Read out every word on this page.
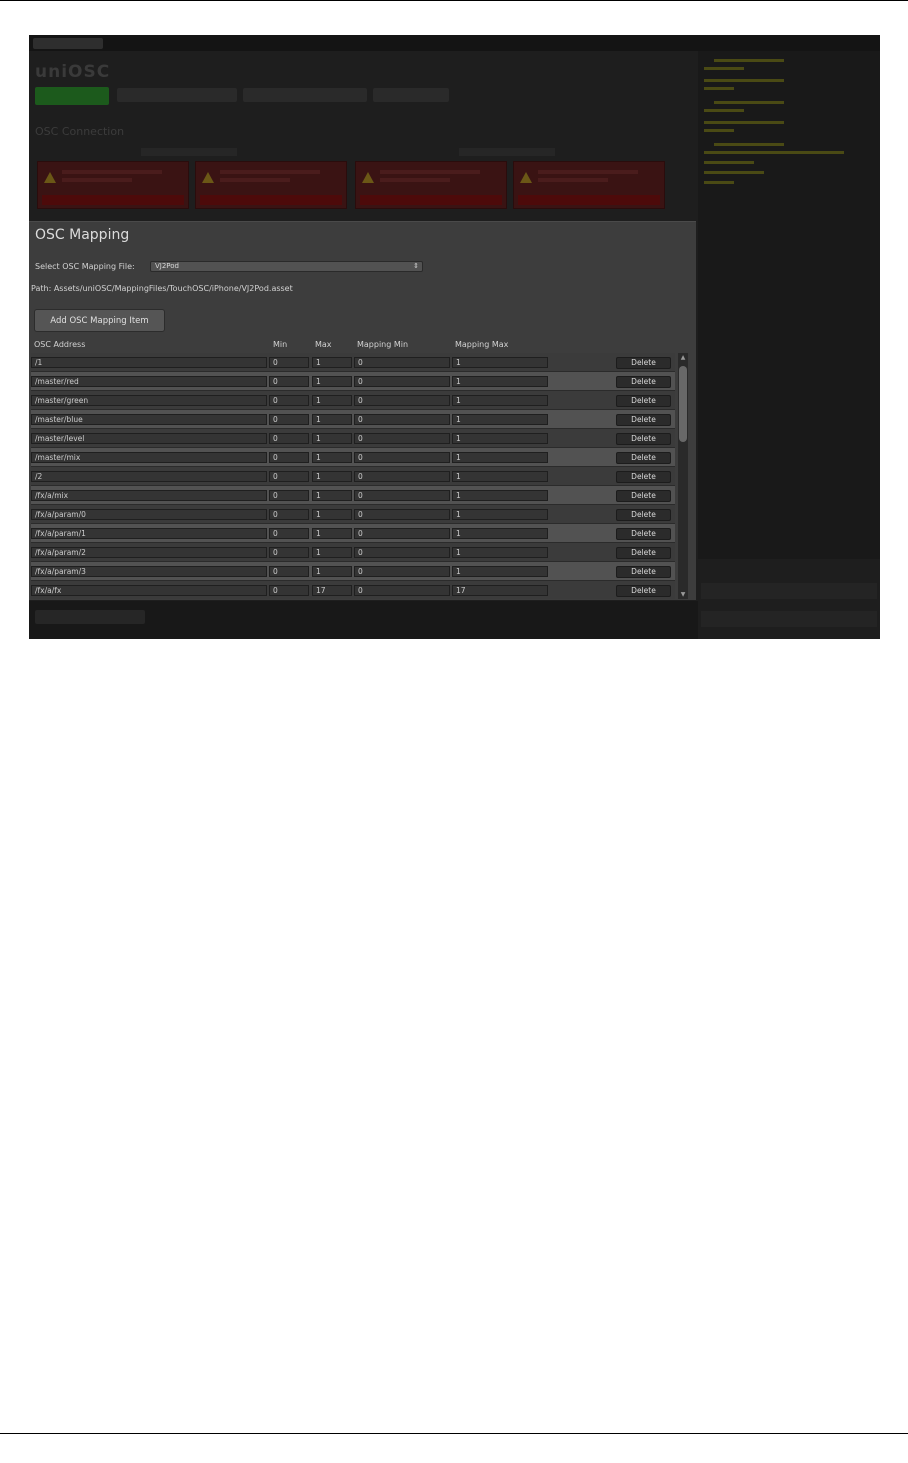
uniOSC
OSC Connection
OSC Mapping
Select OSC Mapping File:	VJ2Pod	⇕
Path: Assets/uniOSC/MappingFiles/TouchOSC/iPhone/VJ2Pod.asset
Add OSC Mapping Item
OSC Address	Min	Max	Mapping Min	Mapping Max
/1	0	1	0	1	Delete
/master/red	0	1	0	1	Delete
/master/green	0	1	0	1	Delete
/master/blue	0	1	0	1	Delete
/master/level	0	1	0	1	Delete
/master/mix	0	1	0	1	Delete
/2	0	1	0	1	Delete
/fx/a/mix	0	1	0	1	Delete
/fx/a/param/0	0	1	0	1	Delete
/fx/a/param/1	0	1	0	1	Delete
/fx/a/param/2	0	1	0	1	Delete
/fx/a/param/3	0	1	0	1	Delete
/fx/a/fx	0	17	0	17	Delete
▲
▼
